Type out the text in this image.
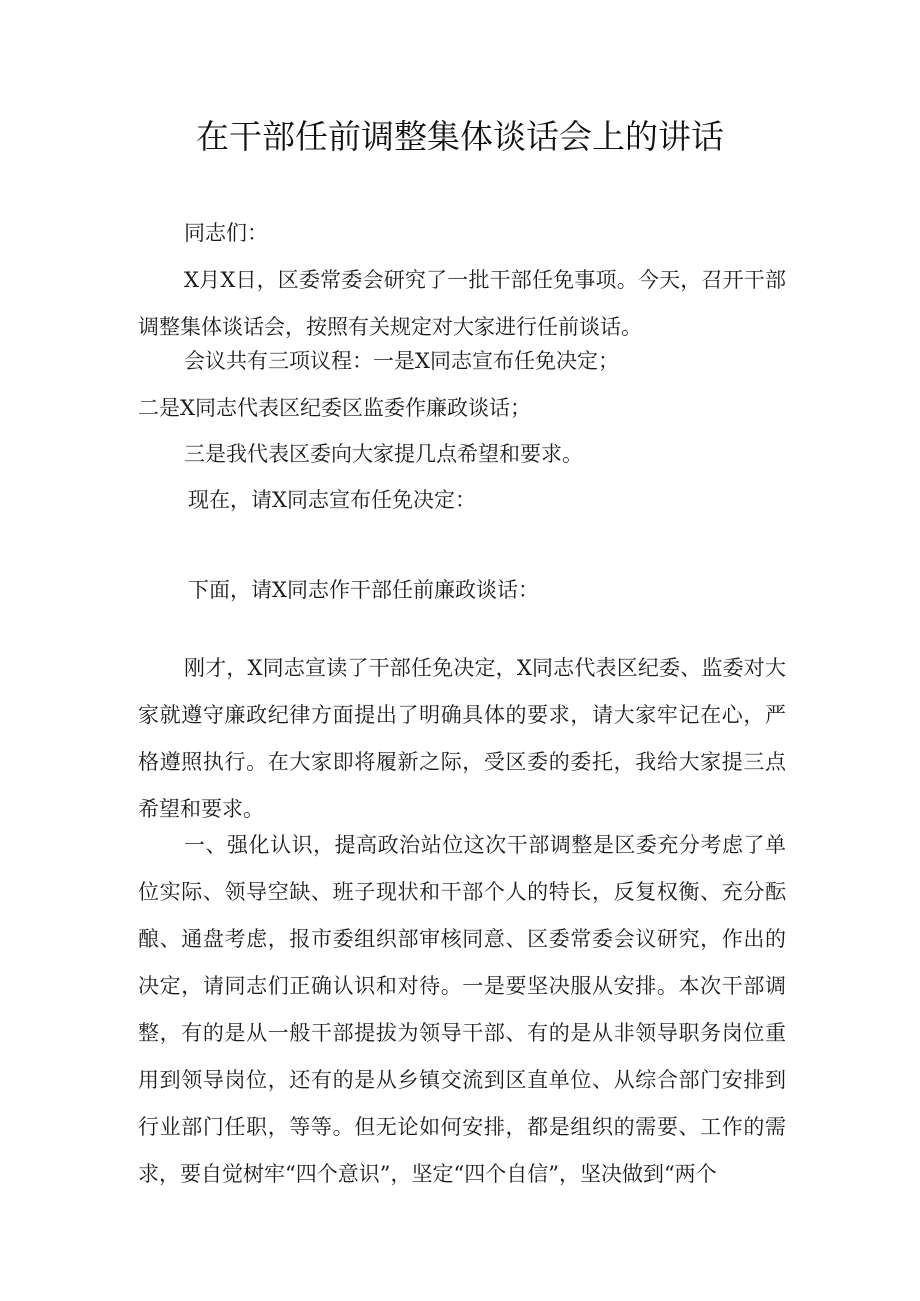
在干部任前调整集体谈话会上的讲话

同志们：

X月X日，区委常委会研究了一批干部任免事项。今天，召开干部调整集体谈话会，按照有关规定对大家进行任前谈话。

会议共有三项议程：一是X同志宣布任免决定；

二是X同志代表区纪委区监委作廉政谈话；

三是我代表区委向大家提几点希望和要求。

现在，请X同志宣布任免决定：

下面，请X同志作干部任前廉政谈话：

刚才，X同志宣读了干部任免决定，X同志代表区纪委、监委对大家就遵守廉政纪律方面提出了明确具体的要求，请大家牢记在心，严格遵照执行。在大家即将履新之际，受区委的委托，我给大家提三点希望和要求。

一、强化认识，提高政治站位这次干部调整是区委充分考虑了单位实际、领导空缺、班子现状和干部个人的特长，反复权衡、充分酝酿、通盘考虑，报市委组织部审核同意、区委常委会议研究，作出的决定，请同志们正确认识和对待。一是要坚决服从安排。本次干部调整，有的是从一般干部提拔为领导干部、有的是从非领导职务岗位重用到领导岗位，还有的是从乡镇交流到区直单位、从综合部门安排到行业部门任职，等等。但无论如何安排，都是组织的需要、工作的需求，要自觉树牢“四个意识”，坚定“四个自信”，坚决做到“两个
